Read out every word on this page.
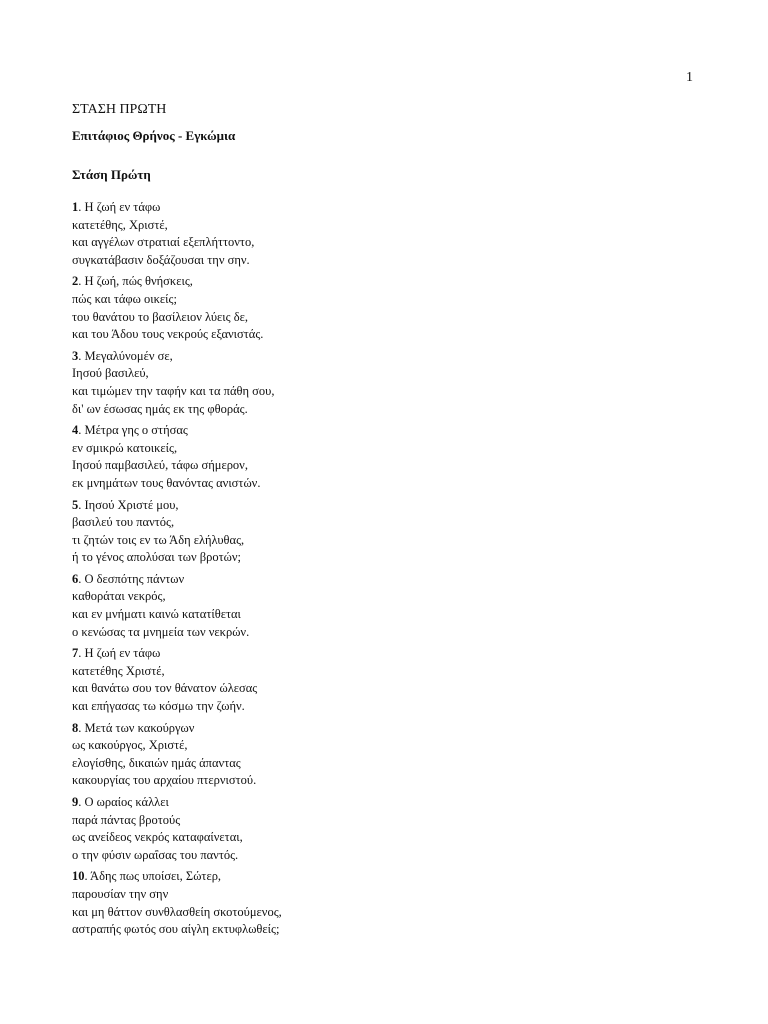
1
ΣΤΑΣΗ ΠΡΩΤΗ
Επιτάφιος Θρήνος - Εγκώμια
Στάση Πρώτη
1. Η ζωή εν τάφω
κατετέθης, Χριστέ,
και αγγέλων στρατιαί εξεπλήττοντο,
συγκατάβασιν δοξάζουσαι την σην.
2. Η ζωή, πώς θνήσκεις,
πώς και τάφω οικείς;
του θανάτου το βασίλειον λύεις δε,
και του Άδου τους νεκρούς εξανιστάς.
3. Μεγαλύνομέν σε,
Ιησού βασιλεύ,
και τιμώμεν την ταφήν και τα πάθη σου,
δι' ων έσωσας ημάς εκ της φθοράς.
4. Μέτρα γης ο στήσας
εν σμικρώ κατοικείς,
Ιησού παμβασιλεύ, τάφω σήμερον,
εκ μνημάτων τους θανόντας ανιστών.
5. Ιησού Χριστέ μου,
βασιλεύ του παντός,
τι ζητών τοις εν τω Άδη ελήλυθας,
ή το γένος απολύσαι των βροτών;
6. Ο δεσπότης πάντων
καθοράται νεκρός,
και εν μνήματι καινώ κατατίθεται
ο κενώσας τα μνημεία των νεκρών.
7. Η ζωή εν τάφω
κατετέθης Χριστέ,
και θανάτω σου τον θάνατον ώλεσας
και επήγασας τω κόσμω την ζωήν.
8. Μετά των κακούργων
ως κακούργος, Χριστέ,
ελογίσθης, δικαιών ημάς άπαντας
κακουργίας του αρχαίου πτερνιστού.
9. Ο ωραίος κάλλει
παρά πάντας βροτούς
ως ανείδεος νεκρός καταφαίνεται,
ο την φύσιν ωραΐσας του παντός.
10. Άδης πως υποίσει, Σώτερ,
παρουσίαν την σην
και μη θάττον συνθλασθείη σκοτούμενος,
αστραπής φωτός σου αίγλη εκτυφλωθείς;
